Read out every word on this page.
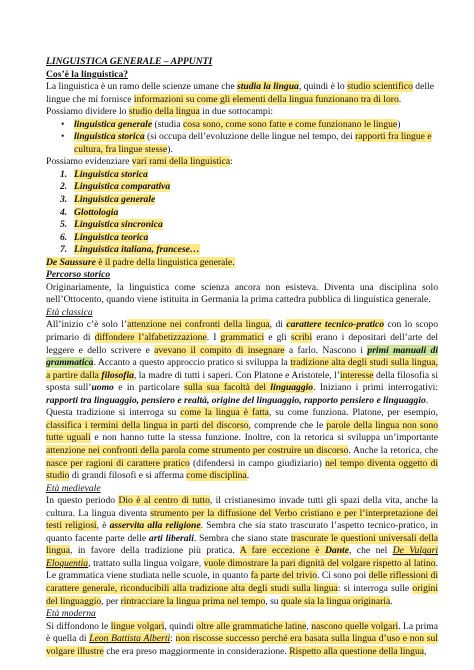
LINGUISTICA GENERALE – APPUNTI

Cos’è la linguistica?

La linguistica è un ramo delle scienze umane che studia la lingua, quindi è lo studio scientifico delle lingue che mi fornisce informazioni su come gli elementi della lingua funzionano tra di loro.

Possiamo dividere lo studio della lingua in due sottocampi:

• linguistica generale (studia cosa sono, come sono fatte e come funzionano le lingue)
• linguistica storica (si occupa dell’evoluzione delle lingue nel tempo, dei rapporti fra lingue e cultura, fra lingue stesse).

Possiamo evidenziare vari rami della linguistica:

1. Linguistica storica
2. Linguistica comparativa
3. Linguistica generale
4. Glottologia
5. Linguistica sincronica
6. Linguistica teorica
7. Linguistica italiana, francese…

De Saussure è il padre della linguistica generale.

Percorso storico

Originariamente, la linguistica come scienza ancora non esisteva. Diventa una disciplina solo nell’Ottocento, quando viene istituita in Germania la prima cattedra pubblica di linguistica generale.

Età classica

All’inizio c’è solo l’attenzione nei confronti della lingua, di carattere tecnico-pratico con lo scopo primario di diffondere l’alfabetizzazione. I grammatici e gli scribi erano i depositari dell’arte del leggere e dello scrivere e avevano il compito di insegnare a farlo. Nascono i primi manuali di grammatica. Accanto a questo approccio pratico si sviluppa la tradizione alta degli studi sulla lingua, a partire dalla filosofia, la madre di tutti i saperi. Con Platone e Aristotele, l’interesse della filosofia si sposta sull’uomo e in particolare sulla sua facoltà del linguaggio. Iniziano i primi interrogativi: rapporti tra linguaggio, pensiero e realtà, origine del linguaggio, rapporto pensiero e linguaggio.

Questa tradizione si interroga su come la lingua è fatta, su come funziona. Platone, per esempio, classifica i termini della lingua in parti del discorso, comprende che le parole della lingua non sono tutte uguali e non hanno tutte la stessa funzione. Inoltre, con la retorica si sviluppa un’importante attenzione nei confronti della parola come strumento per costruire un discorso. Anche la retorica, che nasce per ragioni di carattere pratico (difendersi in campo giudiziario) nel tempo diventa oggetto di studio di grandi filosofi e si afferma come disciplina.

Età medievale

In questo periodo Dio è al centro di tutto, il cristianesimo invade tutti gli spazi della vita, anche la cultura. La lingua diventa strumento per la diffusione del Verbo cristiano e per l’interpretazione dei testi religiosi, è asservita alla religione. Sembra che sia stato trascurato l’aspetto tecnico-pratico, in quanto facente parte delle arti liberali. Sembra che siano state trascurate le questioni universali della lingua, in favore della tradizione più pratica. A fare eccezione è Dante, che nel De Vulgari Eloquentia, trattato sulla lingua volgare, vuole dimostrare la pari dignità del volgare rispetto al latino. Le grammatica viene studiata nelle scuole, in quanto fa parte del trivio. Ci sono poi delle riflessioni di carattere generale, riconducibili alla tradizione alta degli studi sulla lingua: si interroga sulle origini del linguaggio, per rintracciare la lingua prima nel tempo, su quale sia la lingua originaria.

Età moderna

Si diffondono le lingue volgari, quindi oltre alle grammatiche latine, nascono quelle volgari. La prima è quella di Leon Battista Alberti: non riscosse successo perché era basata sulla lingua d’uso e non sul volgare illustre che era preso maggiormente in considerazione. Rispetto alla questione della lingua,
